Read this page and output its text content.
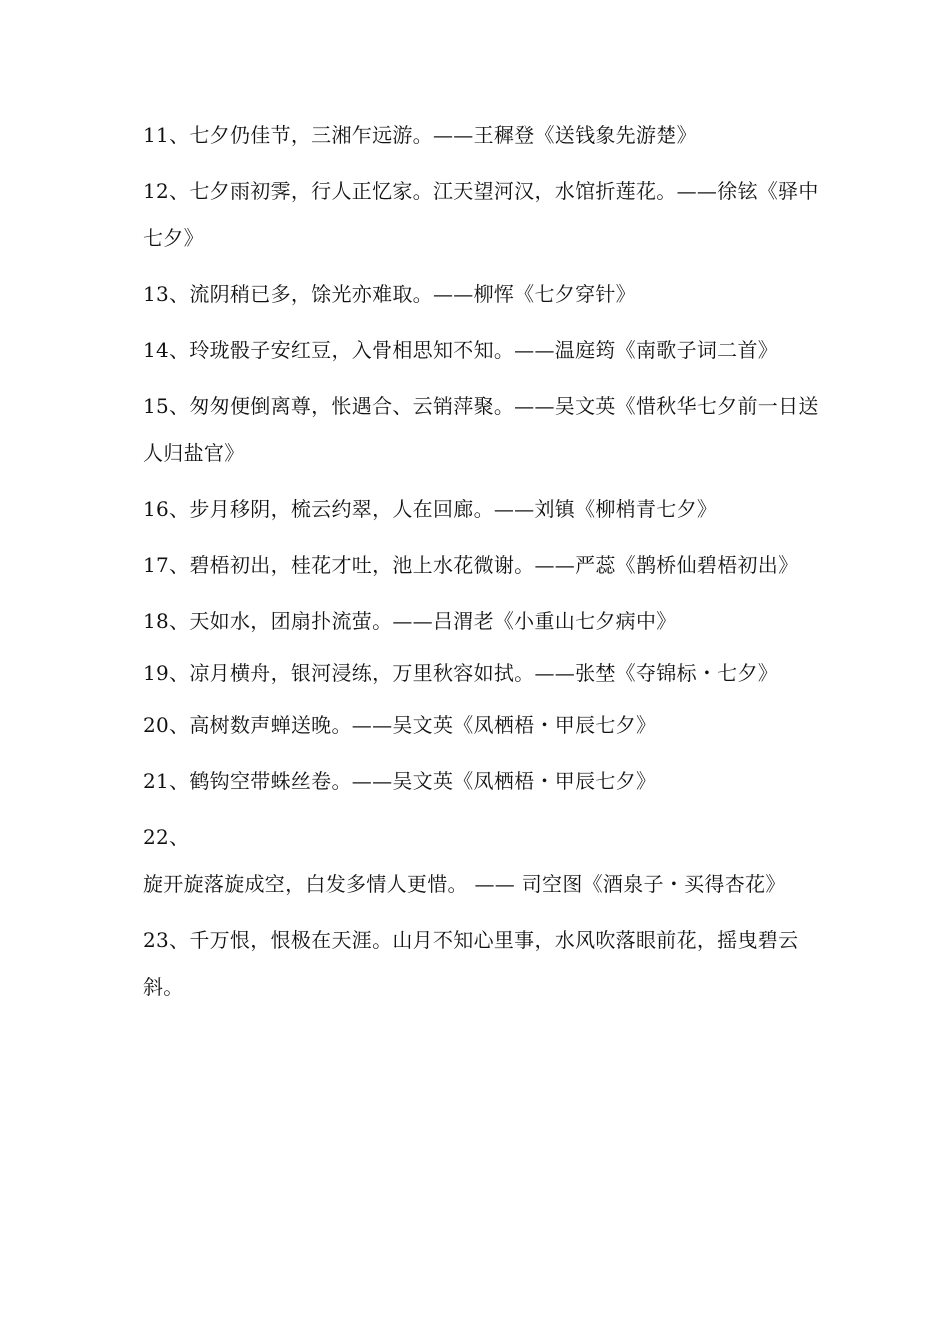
11、七夕仍佳节，三湘乍远游。——王穉登《送钱象先游楚》

12、七夕雨初霁，行人正忆家。江天望河汉，水馆折莲花。——徐铉《驿中七夕》

13、流阴稍已多，馀光亦难取。——柳恽《七夕穿针》

14、玲珑骰子安红豆，入骨相思知不知。——温庭筠《南歌子词二首》

15、匆匆便倒离尊，怅遇合、云销萍聚。——吴文英《惜秋华七夕前一日送人归盐官》

16、步月移阴，梳云约翠，人在回廊。——刘镇《柳梢青七夕》

17、碧梧初出，桂花才吐，池上水花微谢。——严蕊《鹊桥仙碧梧初出》

18、天如水，团扇扑流萤。——吕渭老《小重山七夕病中》

19、凉月横舟，银河浸练，万里秋容如拭。——张埜《夺锦标・七夕》

20、高树数声蝉送晚。——吴文英《凤栖梧・甲辰七夕》

21、鹤钩空带蛛丝卷。——吴文英《凤栖梧・甲辰七夕》

22、旋开旋落旋成空，白发多情人更惜。 —— 司空图《酒泉子・买得杏花》

23、千万恨，恨极在天涯。山月不知心里事，水风吹落眼前花，摇曳碧云斜。
